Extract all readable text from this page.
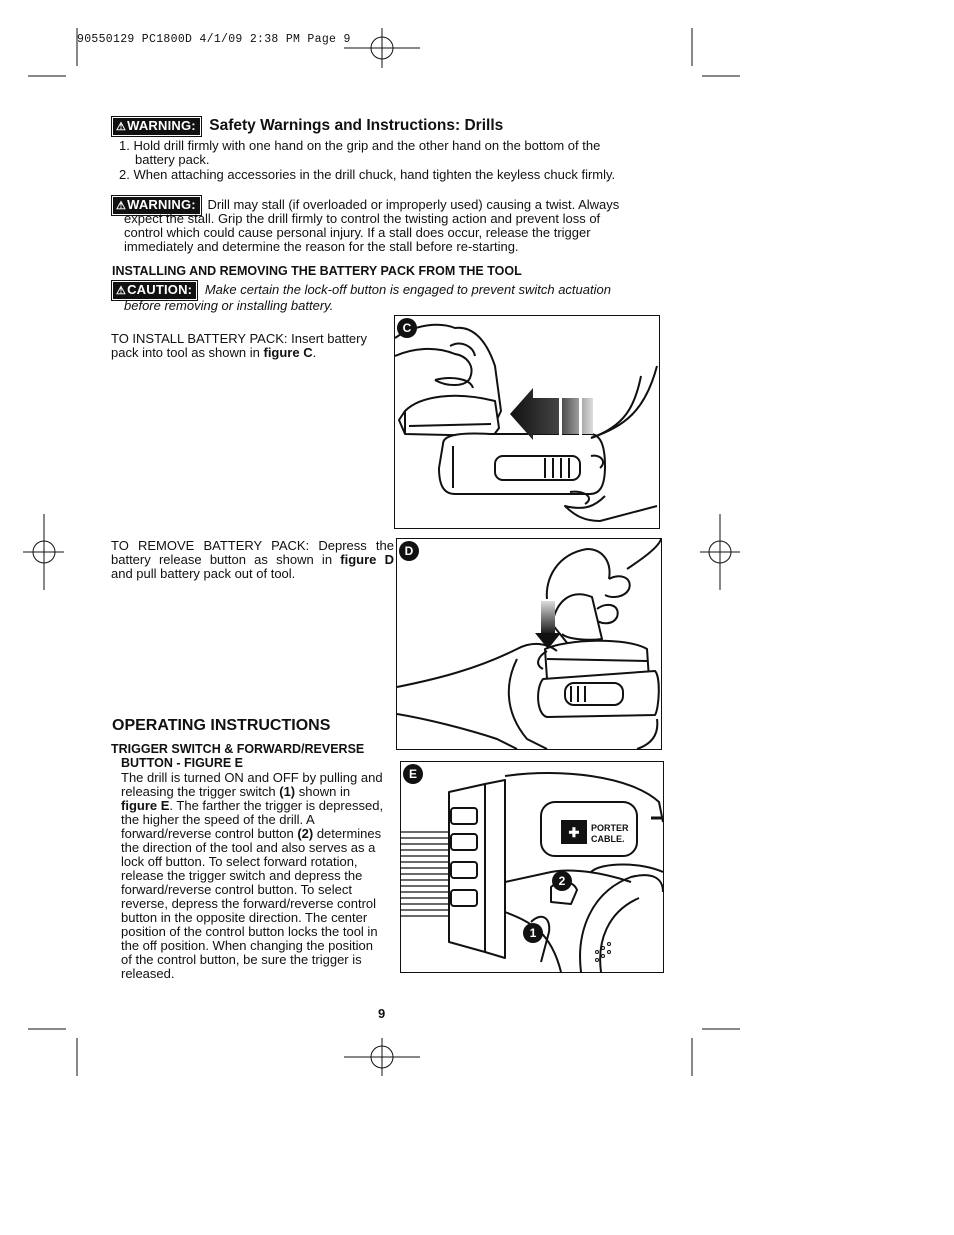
90550129 PC1800D 4/1/09 2:38 PM Page 9
⚠WARNING: Safety Warnings and Instructions: Drills
1. Hold drill firmly with one hand on the grip and the other hand on the bottom of the
battery pack.
2. When attaching accessories in the drill chuck, hand tighten the keyless chuck firmly.
⚠WARNING: Drill may stall (if overloaded or improperly used) causing a twist. Always
expect the stall. Grip the drill firmly to control the twisting action and prevent loss of
control which could cause personal injury. If a stall does occur, release the trigger
immediately and determine the reason for the stall before re-starting.
INSTALLING AND REMOVING THE BATTERY PACK FROM THE TOOL
⚠CAUTION: Make certain the lock-off button is engaged to prevent switch actuation
before removing or installing battery.
TO INSTALL BATTERY PACK: Insert battery
pack into tool as shown in figure C.
C
TO REMOVE BATTERY PACK: Depress the
battery release button as shown in figure D
and pull battery pack out of tool.
D
OPERATING INSTRUCTIONS
TRIGGER SWITCH & FORWARD/REVERSE
BUTTON - FIGURE E
The drill is turned ON and OFF by pulling and
releasing the trigger switch (1) shown in
figure E. The farther the trigger is depressed,
the higher the speed of the drill. A
forward/reverse control button (2) determines
the direction of the tool and also serves as a
lock off button. To select forward rotation,
release the trigger switch and depress the
forward/reverse control button. To select
reverse, depress the forward/reverse control
button in the opposite direction. The center
position of the control button locks the tool in
the off position. When changing the position
of the control button, be sure the trigger is
released.
✚ PORTER
CABLE.
E
2
1
9
